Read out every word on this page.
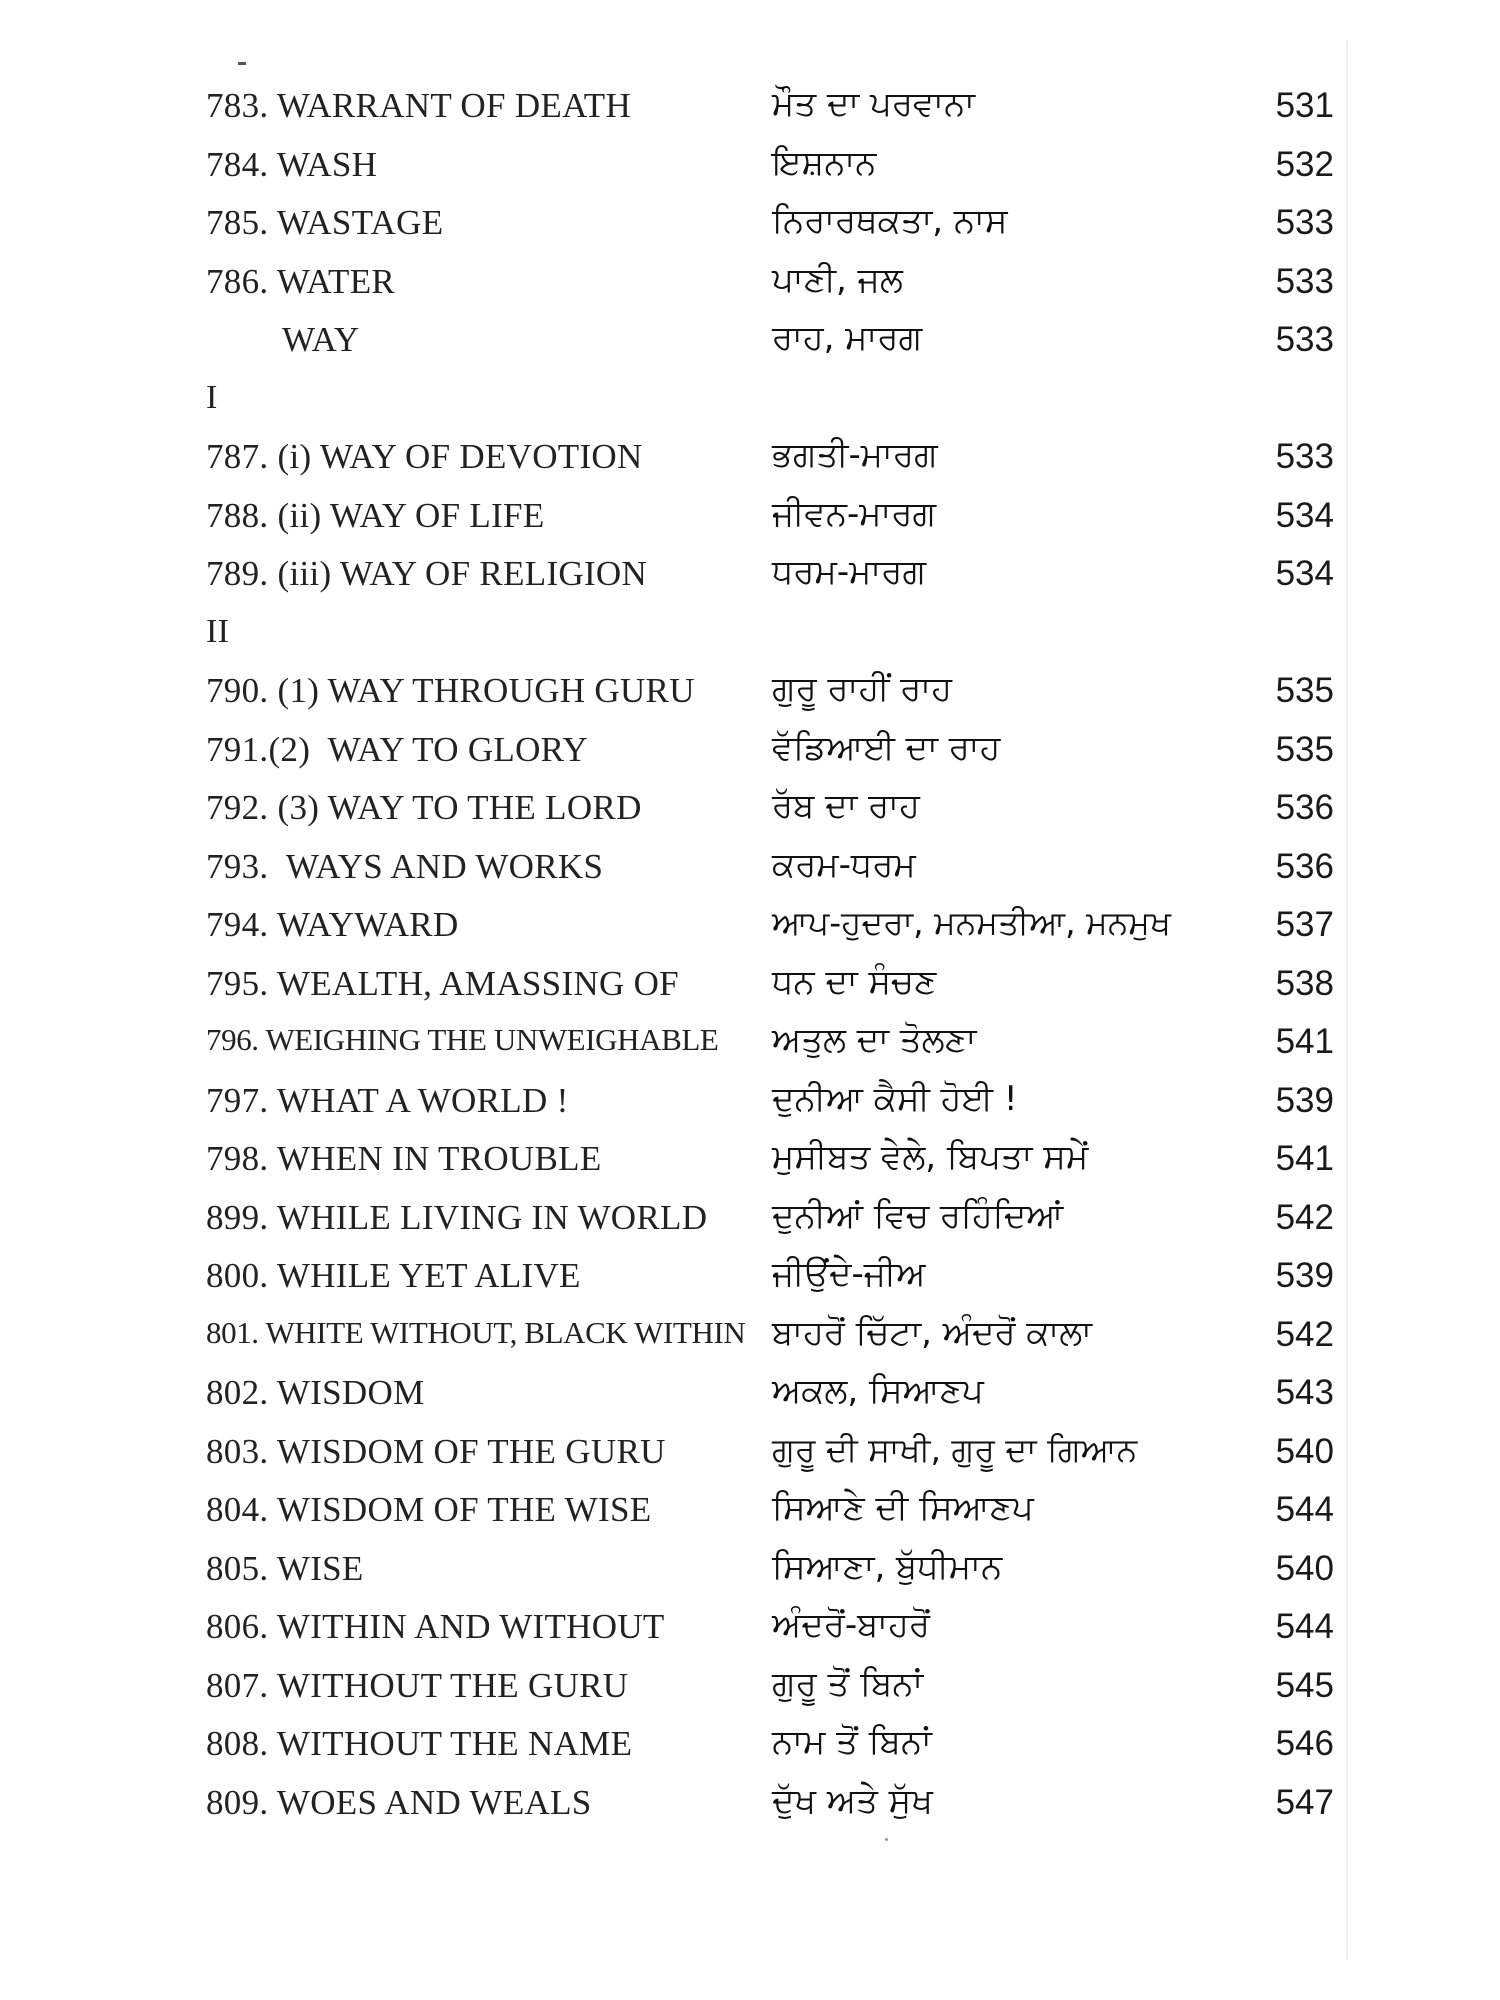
783. WARRANT OF DEATH	ਮੌਤ ਦਾ ਪਰਵਾਨਾ	531
784. WASH	ਇਸ਼ਨਾਨ	532
785. WASTAGE	ਨਿਰਾਰਥਕਤਾ, ਨਾਸ	533
786. WATER	ਪਾਣੀ, ਜਲ	533
WAY	ਰਾਹ, ਮਾਰਗ	533
I
787. (i) WAY OF DEVOTION	ਭਗਤੀ-ਮਾਰਗ	533
788. (ii) WAY OF LIFE	ਜੀਵਨ-ਮਾਰਗ	534
789. (iii) WAY OF RELIGION	ਧਰਮ-ਮਾਰਗ	534
II
790. (1) WAY THROUGH GURU ਗੁਰੂ ਰਾਹੀਂ ਰਾਹ	535
791.(2)  WAY TO GLORY	ਵੱਡਿਆਈ ਦਾ ਰਾਹ	535
792. (3) WAY TO THE LORD	ਰੱਬ ਦਾ ਰਾਹ	536
793.  WAYS AND WORKS	ਕਰਮ-ਧਰਮ	536
794. WAYWARD	ਆਪ-ਹੁਦਰਾ, ਮਨਮਤੀਆ, ਮਨਮੁਖ	537
795. WEALTH, AMASSING OF	ਧਨ ਦਾ ਸੰਚਣ	538
796. WEIGHING THE UNWEIGHABLE ਅਤੁਲ ਦਾ ਤੋਲਣਾ	541
797. WHAT A WORLD !	ਦੁਨੀਆ ਕੈਸੀ ਹੋਈ !	539
798. WHEN IN TROUBLE	ਮੁਸੀਬਤ ਵੇਲੇ, ਬਿਪਤਾ ਸਮੇਂ	541
899. WHILE LIVING IN WORLD ਦੁਨੀਆਂ ਵਿਚ ਰਹਿੰਦਿਆਂ	542
800. WHILE YET ALIVE	ਜੀਉਂਦੇ-ਜੀਅ	539
801. WHITE WITHOUT, BLACK WITHIN ਬਾਹਰੋਂ ਚਿੱਟਾ, ਅੰਦਰੋਂ ਕਾਲਾ	542
802. WISDOM	ਅਕਲ, ਸਿਆਣਪ	543
803. WISDOM OF THE GURU	ਗੁਰੂ ਦੀ ਸਾਖੀ, ਗੁਰੂ ਦਾ ਗਿਆਨ	540
804. WISDOM OF THE WISE	ਸਿਆਣੇ ਦੀ ਸਿਆਣਪ	544
805. WISE	ਸਿਆਣਾ, ਬੁੱਧੀਮਾਨ	540
806. WITHIN AND WITHOUT	ਅੰਦਰੋਂ-ਬਾਹਰੋਂ	544
807. WITHOUT THE GURU	ਗੁਰੂ ਤੋਂ ਬਿਨਾਂ	545
808. WITHOUT THE NAME	ਨਾਮ ਤੋਂ ਬਿਨਾਂ	546
809. WOES AND WEALS	ਦੁੱਖ ਅਤੇ ਸੁੱਖ	547
